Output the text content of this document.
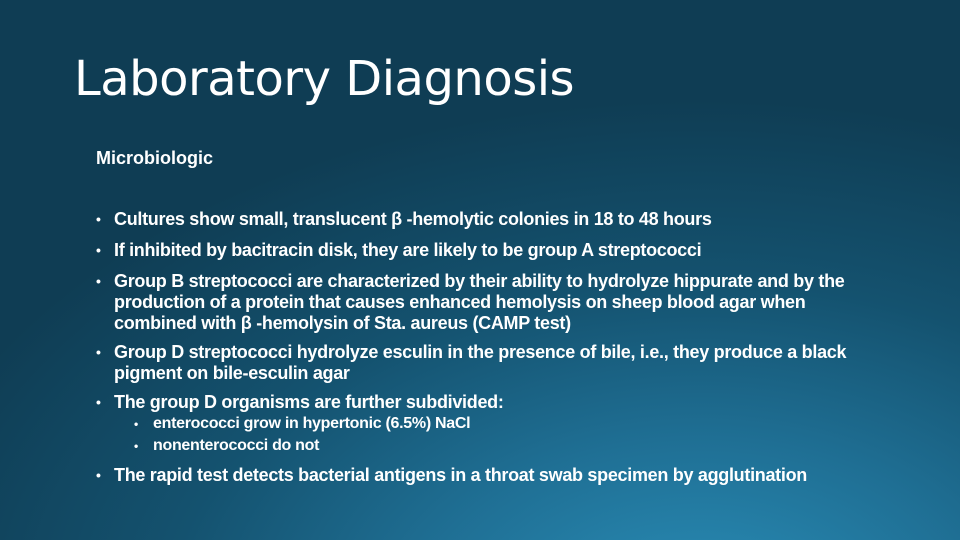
Laboratory Diagnosis
Microbiologic
• Cultures show small, translucent β -hemolytic colonies in 18 to 48 hours
• If inhibited by bacitracin disk, they are likely to be group A streptococci
• Group B streptococci are characterized by their ability to hydrolyze hippurate and by the production of a protein that causes enhanced hemolysis on sheep blood agar when combined with β -hemolysin of Sta. aureus (CAMP test)
• Group D streptococci hydrolyze esculin in the presence of bile, i.e., they produce a black pigment on bile-esculin agar
• The group D organisms are further subdivided:
• enterococci grow in hypertonic (6.5%) NaCl
• nonenterococci do not
• The rapid test detects bacterial antigens in a throat swab specimen by agglutination
